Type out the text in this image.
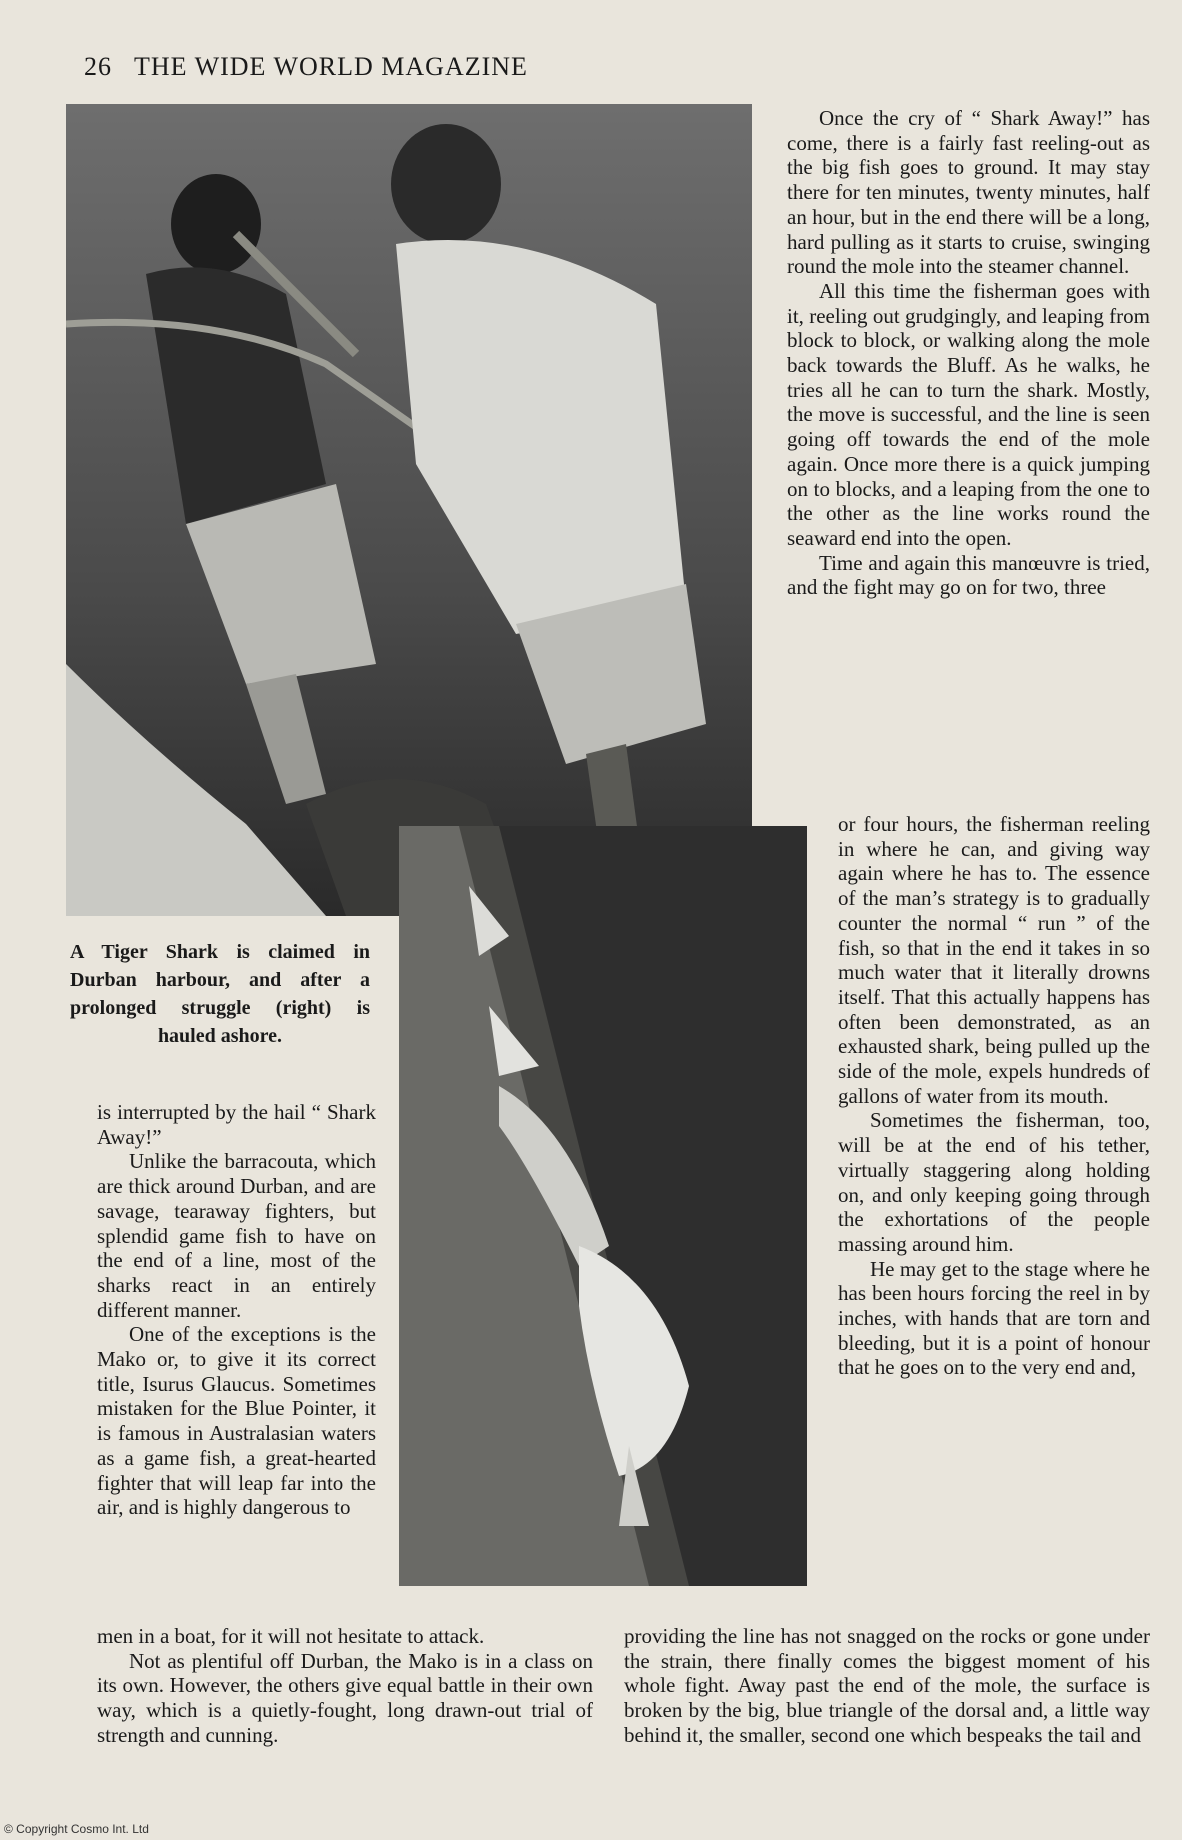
26 THE WIDE WORLD MAGAZINE
A Tiger Shark is claimed in Durban harbour, and after a prolonged struggle (right) is hauled ashore.

is interrupted by the hail “ Shark Away!”

Unlike the barracouta, which are thick around Durban, and are savage, tearaway fighters, but splendid game fish to have on the end of a line, most of the sharks react in an entirely different manner.

One of the exceptions is the Mako or, to give it its correct title, Isurus Glaucus. Sometimes mistaken for the Blue Pointer, it is famous in Australasian waters as a game fish, a great-hearted fighter that will leap far into the air, and is highly dangerous to

men in a boat, for it will not hesitate to attack.

Not as plentiful off Durban, the Mako is in a class on its own. However, the others give equal battle in their own way, which is a quietly-fought, long drawn-out trial of strength and cunning.

Once the cry of “ Shark Away!” has come, there is a fairly fast reeling-out as the big fish goes to ground. It may stay there for ten minutes, twenty minutes, half an hour, but in the end there will be a long, hard pulling as it starts to cruise, swinging round the mole into the steamer channel.

All this time the fisherman goes with it, reeling out grudgingly, and leaping from block to block, or walking along the mole back towards the Bluff. As he walks, he tries all he can to turn the shark. Mostly, the move is successful, and the line is seen going off towards the end of the mole again. Once more there is a quick jumping on to blocks, and a leaping from the one to the other as the line works round the seaward end into the open.

Time and again this manœuvre is tried, and the fight may go on for two, three

or four hours, the fisherman reeling in where he can, and giving way again where he has to. The essence of the man’s strategy is to gradually counter the normal “ run ” of the fish, so that in the end it takes in so much water that it literally drowns itself. That this actually happens has often been demonstrated, as an exhausted shark, being pulled up the side of the mole, expels hundreds of gallons of water from its mouth.

Sometimes the fisherman, too, will be at the end of his tether, virtually staggering along holding on, and only keeping going through the exhortations of the people massing around him.

He may get to the stage where he has been hours forcing the reel in by inches, with hands that are torn and bleeding, but it is a point of honour that he goes on to the very end and,

providing the line has not snagged on the rocks or gone under the strain, there finally comes the biggest moment of his whole fight. Away past the end of the mole, the surface is broken by the big, blue triangle of the dorsal and, a little way behind it, the smaller, second one which bespeaks the tail and

© Copyright Cosmo Int. Ltd
